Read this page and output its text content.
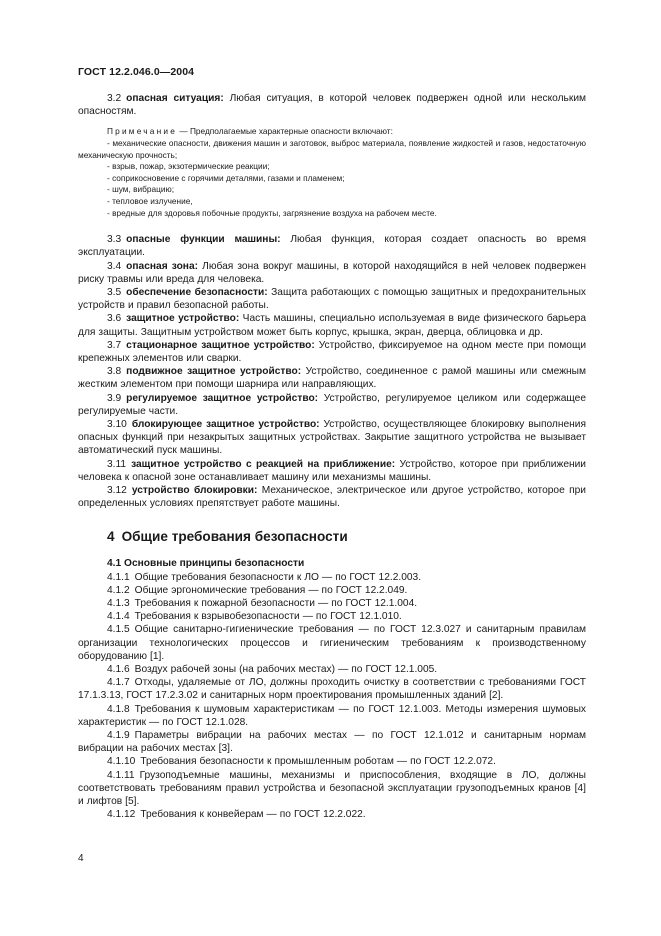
ГОСТ 12.2.046.0—2004

3.2 опасная ситуация: Любая ситуация, в которой человек подвержен одной или нескольким опасностям.

Примечание — Предполагаемые характерные опасности включают:

- механические опасности, движения машин и заготовок, выброс материала, появление жидкостей и газов, недостаточную механическую прочность;

- взрыв, пожар, экзотермические реакции;

- соприкосновение с горячими деталями, газами и пламенем;

- шум, вибрацию;

- тепловое излучение,

- вредные для здоровья побочные продукты, загрязнение воздуха на рабочем месте.

3.3 опасные функции машины: Любая функция, которая создает опасность во время эксплуатации.

3.4 опасная зона: Любая зона вокруг машины, в которой находящийся в ней человек подвержен риску травмы или вреда для человека.

3.5 обеспечение безопасности: Защита работающих с помощью защитных и предохранительных устройств и правил безопасной работы.

3.6 защитное устройство: Часть машины, специально используемая в виде физического барьера для защиты. Защитным устройством может быть корпус, крышка, экран, дверца, облицовка и др.

3.7 стационарное защитное устройство: Устройство, фиксируемое на одном месте при помощи крепежных элементов или сварки.

3.8 подвижное защитное устройство: Устройство, соединенное с рамой машины или смежным жестким элементом при помощи шарнира или направляющих.

3.9 регулируемое защитное устройство: Устройство, регулируемое целиком или содержащее регулируемые части.

3.10 блокирующее защитное устройство: Устройство, осуществляющее блокировку выполнения опасных функций при незакрытых защитных устройствах. Закрытие защитного устройства не вызывает автоматический пуск машины.

3.11 защитное устройство с реакцией на приближение: Устройство, которое при приближении человека к опасной зоне останавливает машину или механизмы машины.

3.12 устройство блокировки: Механическое, электрическое или другое устройство, которое при определенных условиях препятствует работе машины.

4 Общие требования безопасности

4.1 Основные принципы безопасности

4.1.1 Общие требования безопасности к ЛО — по ГОСТ 12.2.003.

4.1.2 Общие эргономические требования — по ГОСТ 12.2.049.

4.1.3 Требования к пожарной безопасности — по ГОСТ 12.1.004.

4.1.4 Требования к взрывобезопасности — по ГОСТ 12.1.010.

4.1.5 Общие санитарно-гигиенические требования — по ГОСТ 12.3.027 и санитарным правилам организации технологических процессов и гигиеническим требованиям к производственному оборудованию [1].

4.1.6 Воздух рабочей зоны (на рабочих местах) — по ГОСТ 12.1.005.

4.1.7 Отходы, удаляемые от ЛО, должны проходить очистку в соответствии с требованиями ГОСТ 17.1.3.13, ГОСТ 17.2.3.02 и санитарных норм проектирования промышленных зданий [2].

4.1.8 Требования к шумовым характеристикам — по ГОСТ 12.1.003. Методы измерения шумовых характеристик — по ГОСТ 12.1.028.

4.1.9 Параметры вибрации на рабочих местах — по ГОСТ 12.1.012 и санитарным нормам вибрации на рабочих местах [3].

4.1.10 Требования безопасности к промышленным роботам — по ГОСТ 12.2.072.

4.1.11 Грузоподъемные машины, механизмы и приспособления, входящие в ЛО, должны соответствовать требованиям правил устройства и безопасной эксплуатации грузоподъемных кранов [4] и лифтов [5].

4.1.12 Требования к конвейерам — по ГОСТ 12.2.022.

4
